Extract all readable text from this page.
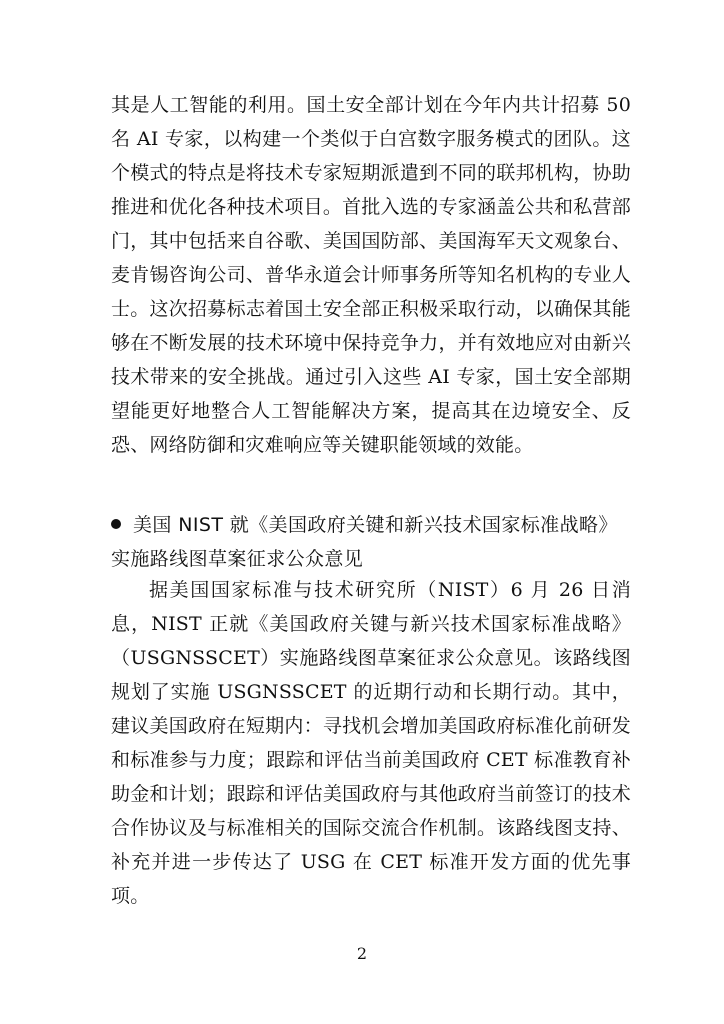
其是人工智能的利用。国土安全部计划在今年内共计招募 50 名 AI 专家，以构建一个类似于白宫数字服务模式的团队。这个模式的特点是将技术专家短期派遣到不同的联邦机构，协助推进和优化各种技术项目。首批入选的专家涵盖公共和私营部门，其中包括来自谷歌、美国国防部、美国海军天文观象台、麦肯锡咨询公司、普华永道会计师事务所等知名机构的专业人士。这次招募标志着国土安全部正积极采取行动，以确保其能够在不断发展的技术环境中保持竞争力，并有效地应对由新兴技术带来的安全挑战。通过引入这些 AI 专家，国土安全部期望能更好地整合人工智能解决方案，提高其在边境安全、反恐、网络防御和灾难响应等关键职能领域的效能。

美国 NIST 就《美国政府关键和新兴技术国家标准战略》实施路线图草案征求公众意见

据美国国家标准与技术研究所（NIST）6 月 26 日消息，NIST 正就《美国政府关键与新兴技术国家标准战略》（USGNSSCET）实施路线图草案征求公众意见。该路线图规划了实施 USGNSSCET 的近期行动和长期行动。其中，建议美国政府在短期内：寻找机会增加美国政府标准化前研发和标准参与力度；跟踪和评估当前美国政府 CET 标准教育补助金和计划；跟踪和评估美国政府与其他政府当前签订的技术合作协议及与标准相关的国际交流合作机制。该路线图支持、补充并进一步传达了 USG 在 CET 标准开发方面的优先事项。

2
